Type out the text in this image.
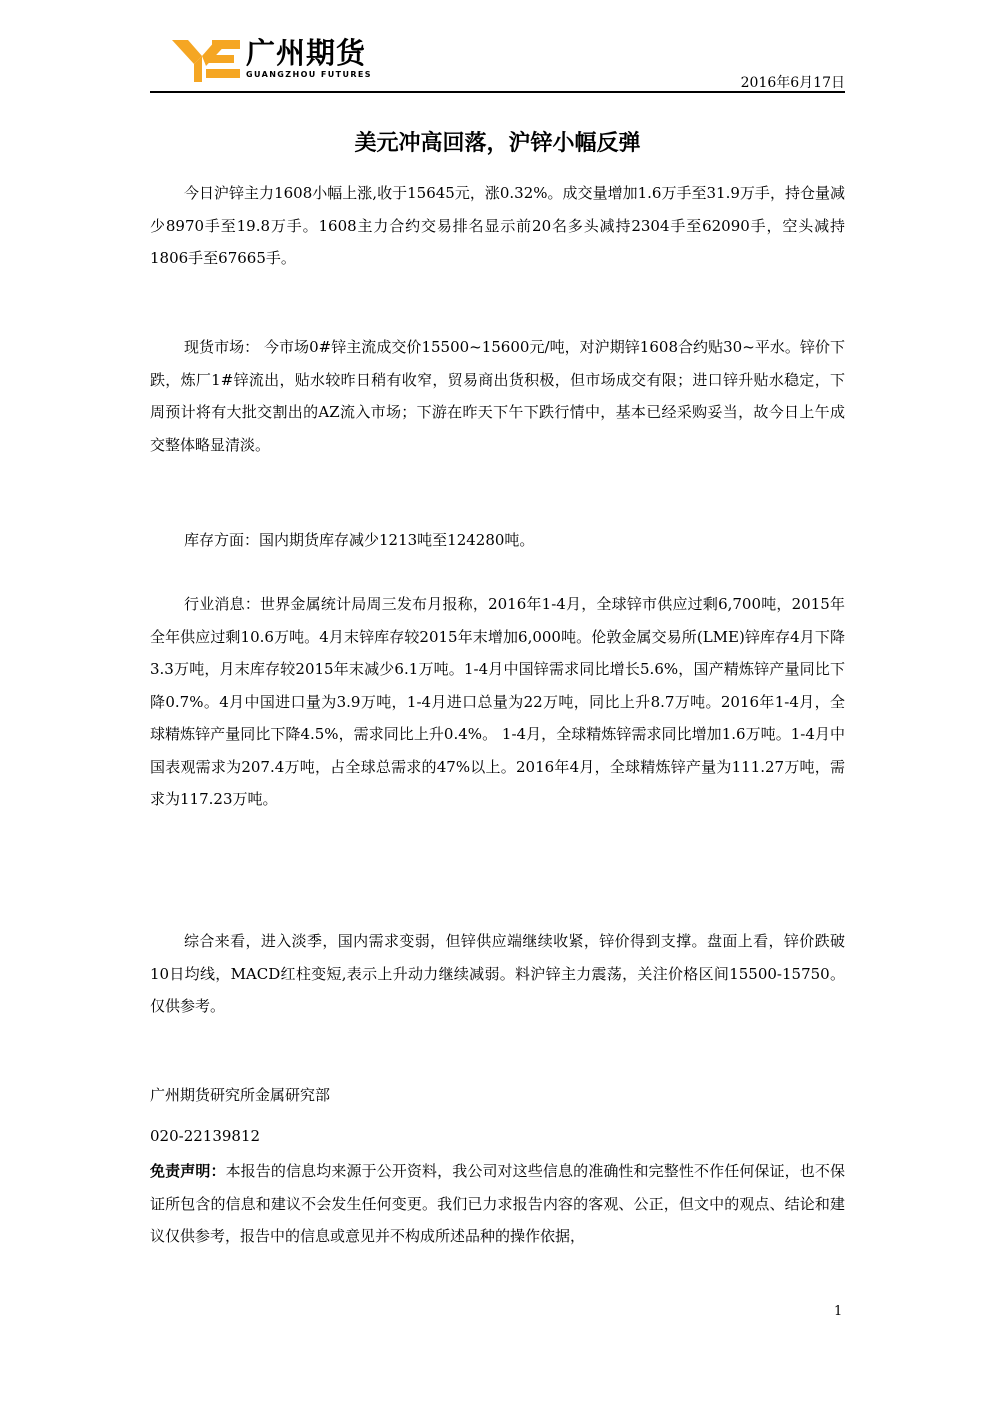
广州期货
GUANGZHOU FUTURES
2016年6月17日
美元冲高回落，沪锌小幅反弹

今日沪锌主力1608小幅上涨,收于15645元，涨0.32%。成交量增加1.6万手至31.9万手，持仓量减少8970手至19.8万手。1608主力合约交易排名显示前20名多头减持2304手至62090手，空头减持1806手至67665手。

现货市场： 今市场0#锌主流成交价15500~15600元/吨，对沪期锌1608合约贴30~平水。锌价下跌，炼厂1#锌流出，贴水较昨日稍有收窄，贸易商出货积极，但市场成交有限；进口锌升贴水稳定，下周预计将有大批交割出的AZ流入市场；下游在昨天下午下跌行情中，基本已经采购妥当，故今日上午成交整体略显清淡。

库存方面：国内期货库存减少1213吨至124280吨。

行业消息：世界金属统计局周三发布月报称，2016年1-4月，全球锌市供应过剩6,700吨，2015年全年供应过剩10.6万吨。4月末锌库存较2015年末增加6,000吨。伦敦金属交易所(LME)锌库存4月下降3.3万吨，月末库存较2015年末减少6.1万吨。1-4月中国锌需求同比增长5.6%，国产精炼锌产量同比下降0.7%。4月中国进口量为3.9万吨，1-4月进口总量为22万吨，同比上升8.7万吨。2016年1-4月，全球精炼锌产量同比下降4.5%，需求同比上升0.4%。 1-4月，全球精炼锌需求同比增加1.6万吨。1-4月中国表观需求为207.4万吨，占全球总需求的47%以上。2016年4月，全球精炼锌产量为111.27万吨，需求为117.23万吨。

综合来看，进入淡季，国内需求变弱，但锌供应端继续收紧，锌价得到支撑。盘面上看，锌价跌破10日均线，MACD红柱变短,表示上升动力继续减弱。料沪锌主力震荡，关注价格区间15500-15750。仅供参考。

广州期货研究所金属研究部

020-22139812

免责声明：本报告的信息均来源于公开资料，我公司对这些信息的准确性和完整性不作任何保证，也不保证所包含的信息和建议不会发生任何变更。我们已力求报告内容的客观、公正，但文中的观点、结论和建议仅供参考，报告中的信息或意见并不构成所述品种的操作依据，

1
